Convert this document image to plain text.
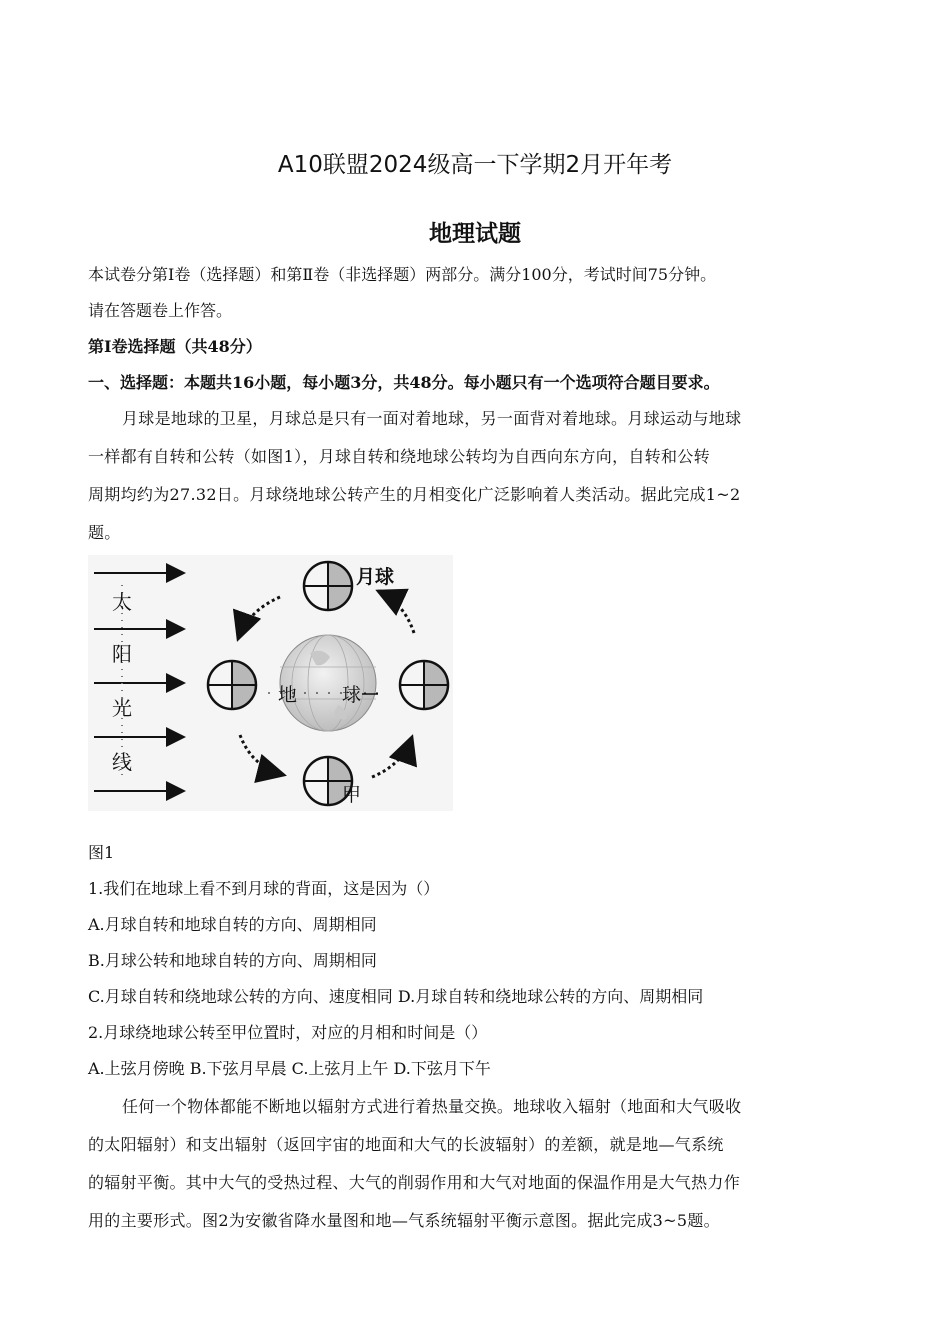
A10联盟2024级高一下学期2月开年考
地理试题
本试卷分第Ⅰ卷（选择题）和第Ⅱ卷（非选择题）两部分。满分100分，考试时间75分钟。
请在答题卷上作答。
第Ⅰ卷选择题（共48分）
一、选择题：本题共16小题，每小题3分，共48分。每小题只有一个选项符合题目要求。
月球是地球的卫星，月球总是只有一面对着地球，另一面背对着地球。月球运动与地球
一样都有自转和公转（如图1），月球自转和绕地球公转均为自西向东方向，自转和公转
周期均约为27.32日。月球绕地球公转产生的月相变化广泛影响着人类活动。据此完成1~2
题。
太
阳
光
线
地 球
月球
甲
图1
1.我们在地球上看不到月球的背面，这是因为（）
A.月球自转和地球自转的方向、周期相同
B.月球公转和地球自转的方向、周期相同
C.月球自转和绕地球公转的方向、速度相同 D.月球自转和绕地球公转的方向、周期相同
2.月球绕地球公转至甲位置时，对应的月相和时间是（）
A.上弦月傍晚 B.下弦月早晨 C.上弦月上午 D.下弦月下午
任何一个物体都能不断地以辐射方式进行着热量交换。地球收入辐射（地面和大气吸收
的太阳辐射）和支出辐射（返回宇宙的地面和大气的长波辐射）的差额，就是地—气系统
的辐射平衡。其中大气的受热过程、大气的削弱作用和大气对地面的保温作用是大气热力作
用的主要形式。图2为安徽省降水量图和地—气系统辐射平衡示意图。据此完成3~5题。
